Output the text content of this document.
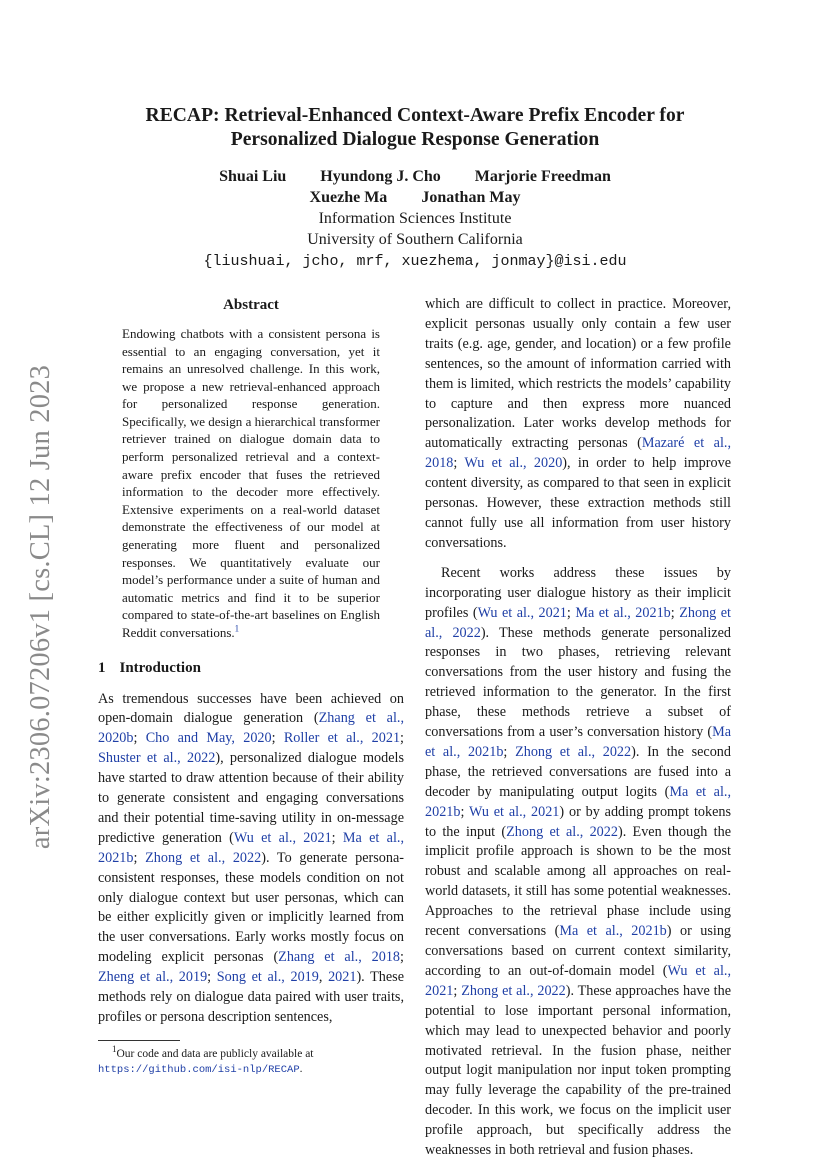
arXiv:2306.07206v1 [cs.CL] 12 Jun 2023
RECAP: Retrieval-Enhanced Context-Aware Prefix Encoder for
Personalized Dialogue Response Generation
Shuai Liu Hyundong J. Cho Marjorie Freedman
Xuezhe Ma Jonathan May
Information Sciences Institute
University of Southern California
{liushuai, jcho, mrf, xuezhema, jonmay}@isi.edu
Abstract
Endowing chatbots with a consistent persona is essential to an engaging conversation, yet it remains an unresolved challenge. In this work, we propose a new retrieval-enhanced approach for personalized response generation. Specifically, we design a hierarchical transformer retriever trained on dialogue domain data to perform personalized retrieval and a context-aware prefix encoder that fuses the retrieved information to the decoder more effectively. Extensive experiments on a real-world dataset demonstrate the effectiveness of our model at generating more fluent and personalized responses. We quantitatively evaluate our model’s performance under a suite of human and automatic metrics and find it to be superior compared to state-of-the-art baselines on English Reddit conversations.$^1$
1 Introduction

As tremendous successes have been achieved on open-domain dialogue generation (Zhang et al., 2020b; Cho and May, 2020; Roller et al., 2021; Shuster et al., 2022), personalized dialogue models have started to draw attention because of their ability to generate consistent and engaging conversations and their potential time-saving utility in on-message predictive generation (Wu et al., 2021; Ma et al., 2021b; Zhong et al., 2022). To generate persona-consistent responses, these models condition on not only dialogue context but user personas, which can be either explicitly given or implicitly learned from the user conversations. Early works mostly focus on modeling explicit personas (Zhang et al., 2018; Zheng et al., 2019; Song et al., 2019, 2021). These methods rely on dialogue data paired with user traits, profiles or persona description sentences,

which are difficult to collect in practice. Moreover, explicit personas usually only contain a few user traits (e.g. age, gender, and location) or a few profile sentences, so the amount of information carried with them is limited, which restricts the models’ capability to capture and then express more nuanced personalization. Later works develop methods for automatically extracting personas (Mazaré et al., 2018; Wu et al., 2020), in order to help improve content diversity, as compared to that seen in explicit personas. However, these extraction methods still cannot fully use all information from user history conversations.

Recent works address these issues by incorporating user dialogue history as their implicit profiles (Wu et al., 2021; Ma et al., 2021b; Zhong et al., 2022). These methods generate personalized responses in two phases, retrieving relevant conversations from the user history and fusing the retrieved information to the generator. In the first phase, these methods retrieve a subset of conversations from a user’s conversation history (Ma et al., 2021b; Zhong et al., 2022). In the second phase, the retrieved conversations are fused into a decoder by manipulating output logits (Ma et al., 2021b; Wu et al., 2021) or by adding prompt tokens to the input (Zhong et al., 2022). Even though the implicit profile approach is shown to be the most robust and scalable among all approaches on real-world datasets, it still has some potential weaknesses. Approaches to the retrieval phase include using recent conversations (Ma et al., 2021b) or using conversations based on current context similarity, according to an out-of-domain model (Wu et al., 2021; Zhong et al., 2022). These approaches have the potential to lose important personal information, which may lead to unexpected behavior and poorly motivated retrieval. In the fusion phase, neither output logit manipulation nor input token prompting may fully leverage the capability of the pre-trained decoder. In this work, we focus on the implicit user profile approach, but specifically address the weaknesses in both retrieval and fusion phases.

$^1$Our code and data are publicly available at https://github.com/isi-nlp/RECAP.
